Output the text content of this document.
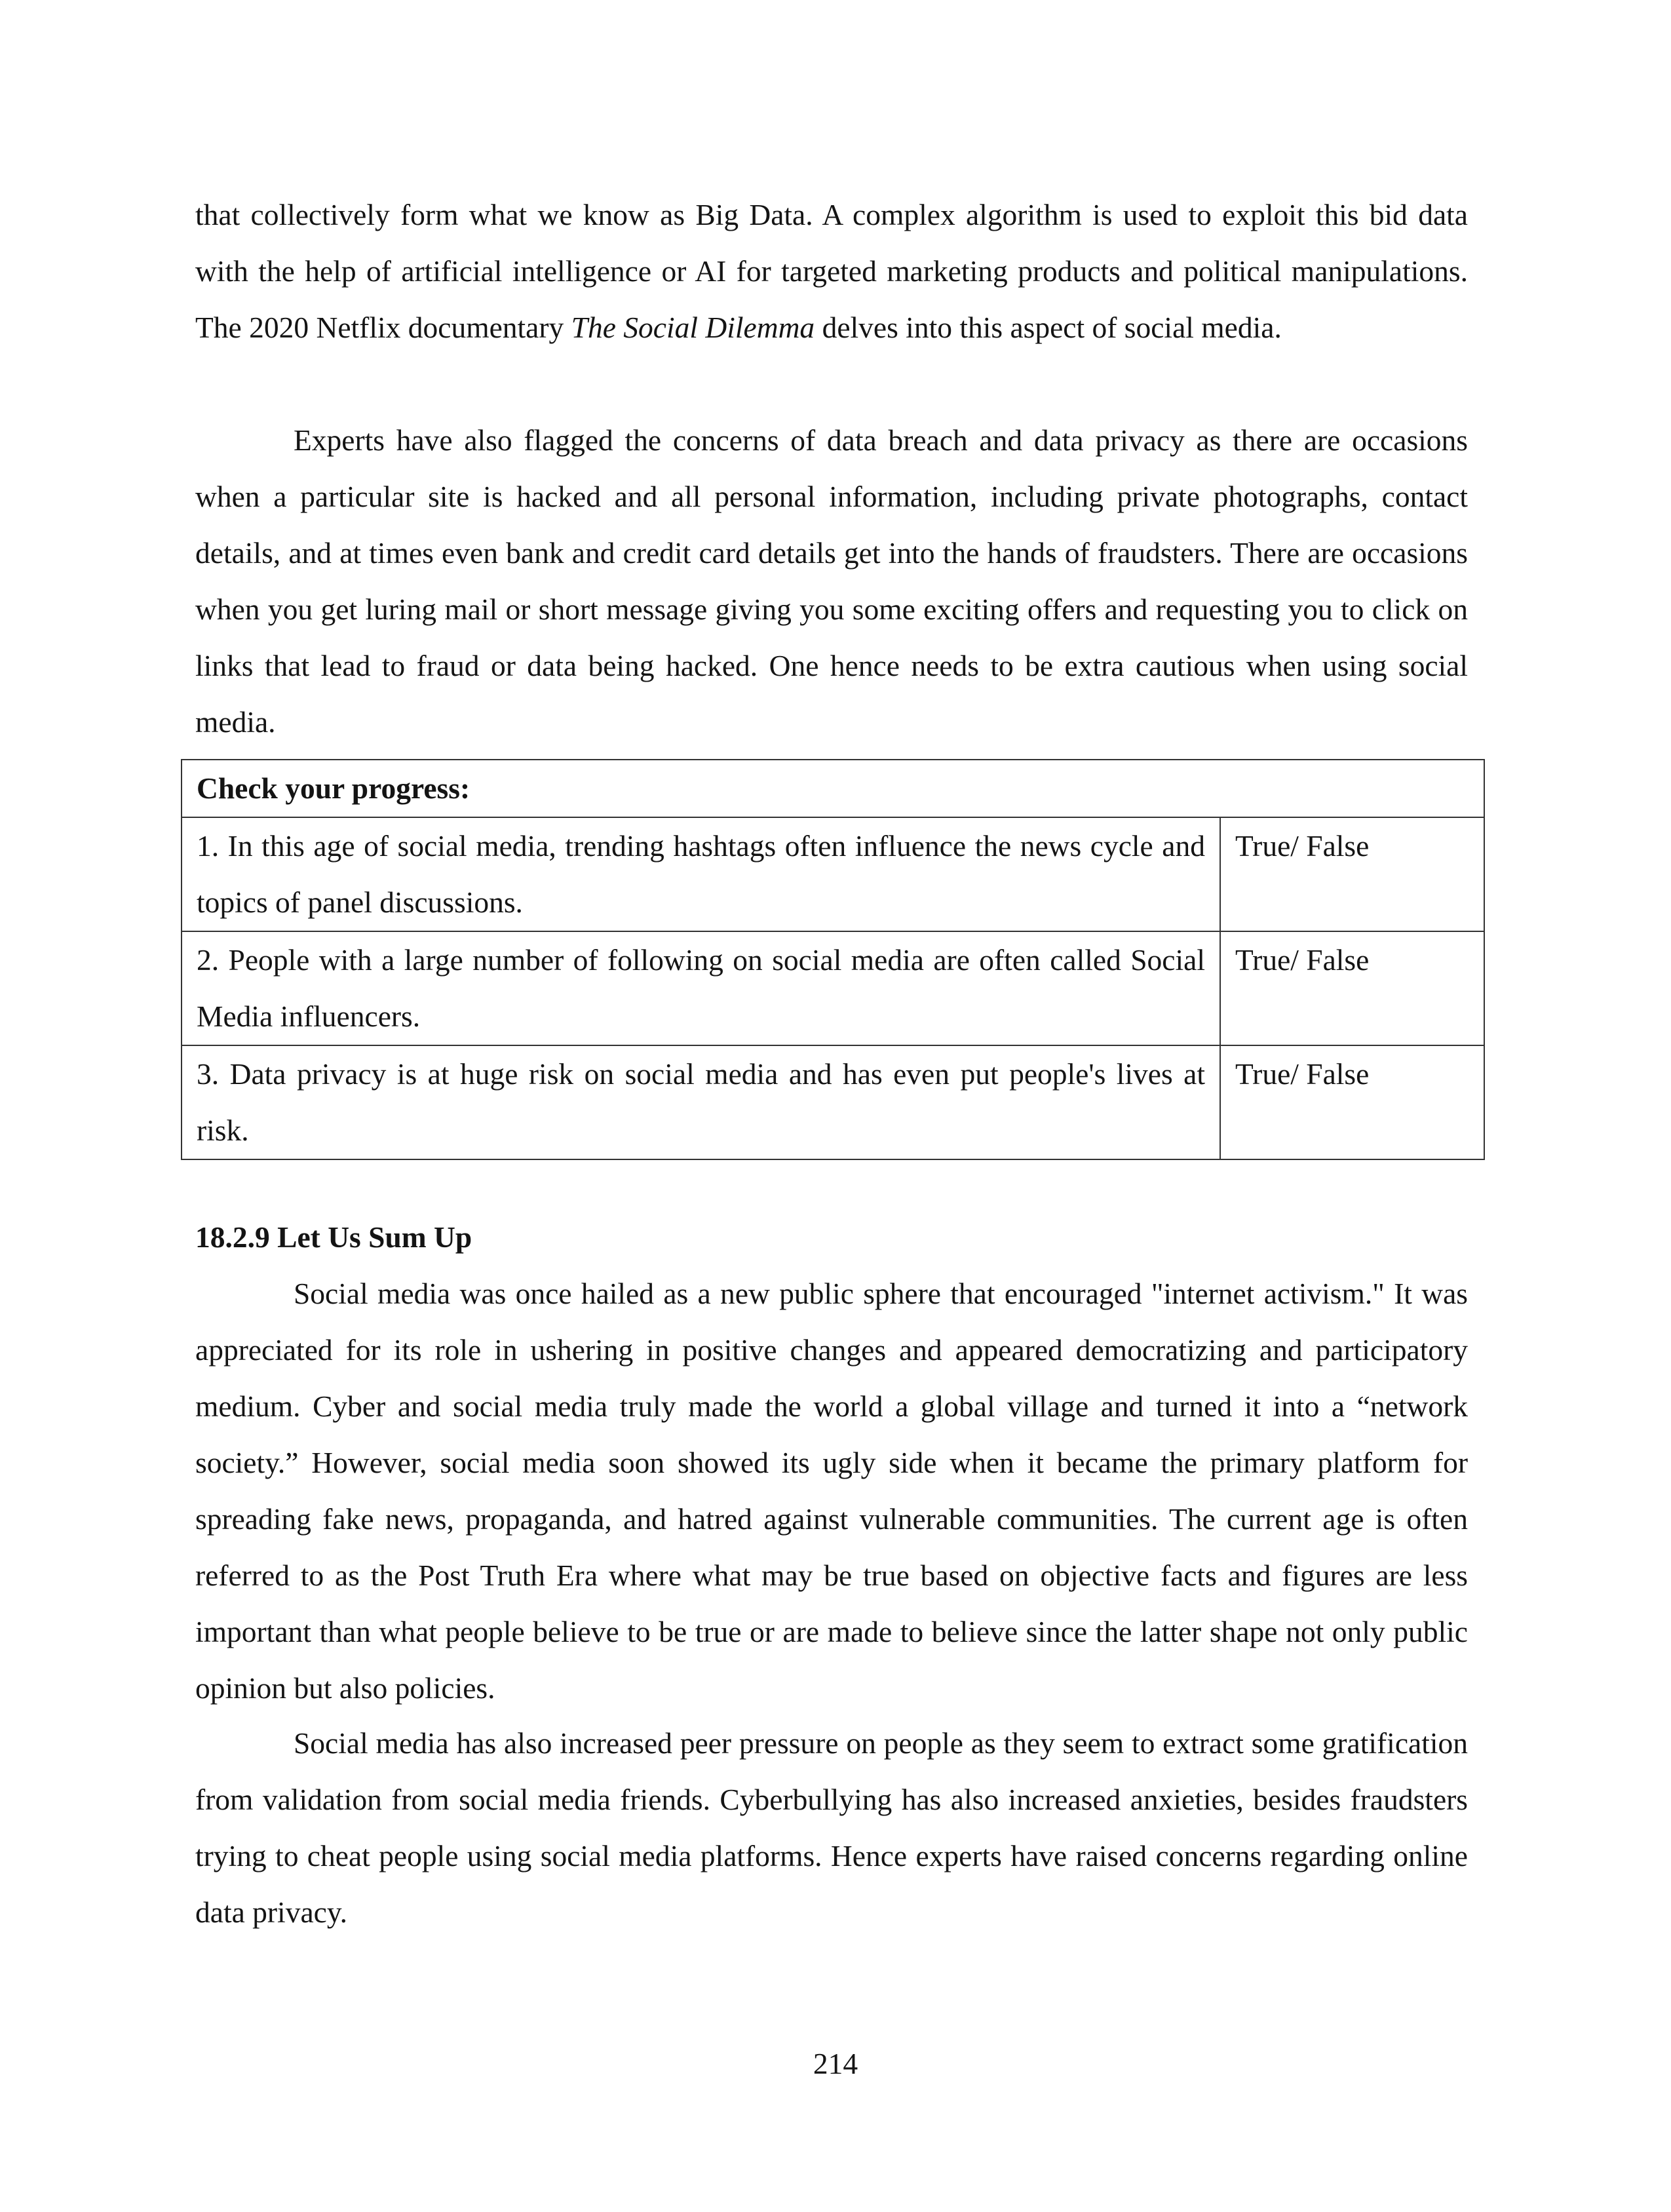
that collectively form what we know as Big Data. A complex algorithm is used to exploit this bid data with the help of artificial intelligence or AI for targeted marketing products and political manipulations. The 2020 Netflix documentary The Social Dilemma delves into this aspect of social media.

Experts have also flagged the concerns of data breach and data privacy as there are occasions when a particular site is hacked and all personal information, including private photographs, contact details, and at times even bank and credit card details get into the hands of fraudsters. There are occasions when you get luring mail or short message giving you some exciting offers and requesting you to click on links that lead to fraud or data being hacked. One hence needs to be extra cautious when using social media.

Check your progress:	
1. In this age of social media, trending hashtags often influence the news cycle and topics of panel discussions.	True/ False
2. People with a large number of following on social media are often called Social Media influencers.	True/ False
3. Data privacy is at huge risk on social media and has even put people's lives at risk.	True/ False
18.2.9 Let Us Sum Up

Social media was once hailed as a new public sphere that encouraged "internet activism." It was appreciated for its role in ushering in positive changes and appeared democratizing and participatory medium. Cyber and social media truly made the world a global village and turned it into a “network society.” However, social media soon showed its ugly side when it became the primary platform for spreading fake news, propaganda, and hatred against vulnerable communities. The current age is often referred to as the Post Truth Era where what may be true based on objective facts and figures are less important than what people believe to be true or are made to believe since the latter shape not only public opinion but also policies.

Social media has also increased peer pressure on people as they seem to extract some gratification from validation from social media friends. Cyberbullying has also increased anxieties, besides fraudsters trying to cheat people using social media platforms. Hence experts have raised concerns regarding online data privacy.

214
